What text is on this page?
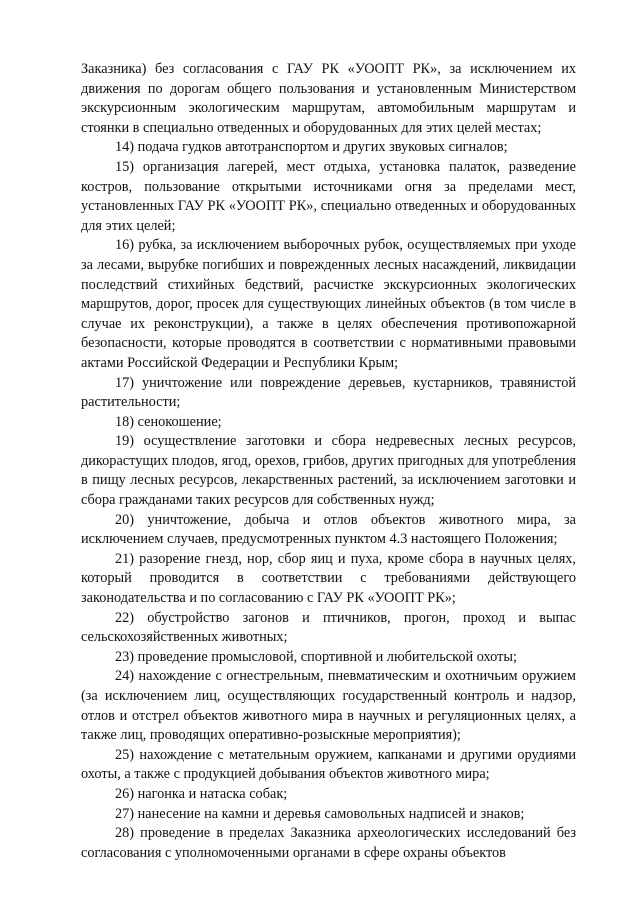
Заказника) без согласования с ГАУ РК «УООПТ РК», за исключением их движения по дорогам общего пользования и установленным Министерством экскурсионным экологическим маршрутам, автомобильным маршрутам и стоянки в специально отведенных и оборудованных для этих целей местах;

14) подача гудков автотранспортом и других звуковых сигналов;

15) организация лагерей, мест отдыха, установка палаток, разведение костров, пользование открытыми источниками огня за пределами мест, установленных ГАУ РК «УООПТ РК», специально отведенных и оборудованных для этих целей;

16) рубка, за исключением выборочных рубок, осуществляемых при уходе за лесами, вырубке погибших и поврежденных лесных насаждений, ликвидации последствий стихийных бедствий, расчистке экскурсионных экологических маршрутов, дорог, просек для существующих линейных объектов (в том числе в случае их реконструкции), а также в целях обеспечения противопожарной безопасности, которые проводятся в соответствии с нормативными правовыми актами Российской Федерации и Республики Крым;

17) уничтожение или повреждение деревьев, кустарников, травянистой растительности;

18) сенокошение;

19) осуществление заготовки и сбора недревесных лесных ресурсов, дикорастущих плодов, ягод, орехов, грибов, других пригодных для употребления в пищу лесных ресурсов, лекарственных растений, за исключением заготовки и сбора гражданами таких ресурсов для собственных нужд;

20) уничтожение, добыча и отлов объектов животного мира, за исключением случаев, предусмотренных пунктом 4.3 настоящего Положения;

21) разорение гнезд, нор, сбор яиц и пуха, кроме сбора в научных целях, который проводится в соответствии с требованиями действующего законодательства и по согласованию с ГАУ РК «УООПТ РК»;

22) обустройство загонов и птичников, прогон, проход и выпас сельскохозяйственных животных;

23) проведение промысловой, спортивной и любительской охоты;

24) нахождение с огнестрельным, пневматическим и охотничьим оружием (за исключением лиц, осуществляющих государственный контроль и надзор, отлов и отстрел объектов животного мира в научных и регуляционных целях, а также лиц, проводящих оперативно-розыскные мероприятия);

25) нахождение с метательным оружием, капканами и другими орудиями охоты, а также с продукцией добывания объектов животного мира;

26) нагонка и натаска собак;

27) нанесение на камни и деревья самовольных надписей и знаков;

28) проведение в пределах Заказника археологических исследований без согласования с уполномоченными органами в сфере охраны объектов
